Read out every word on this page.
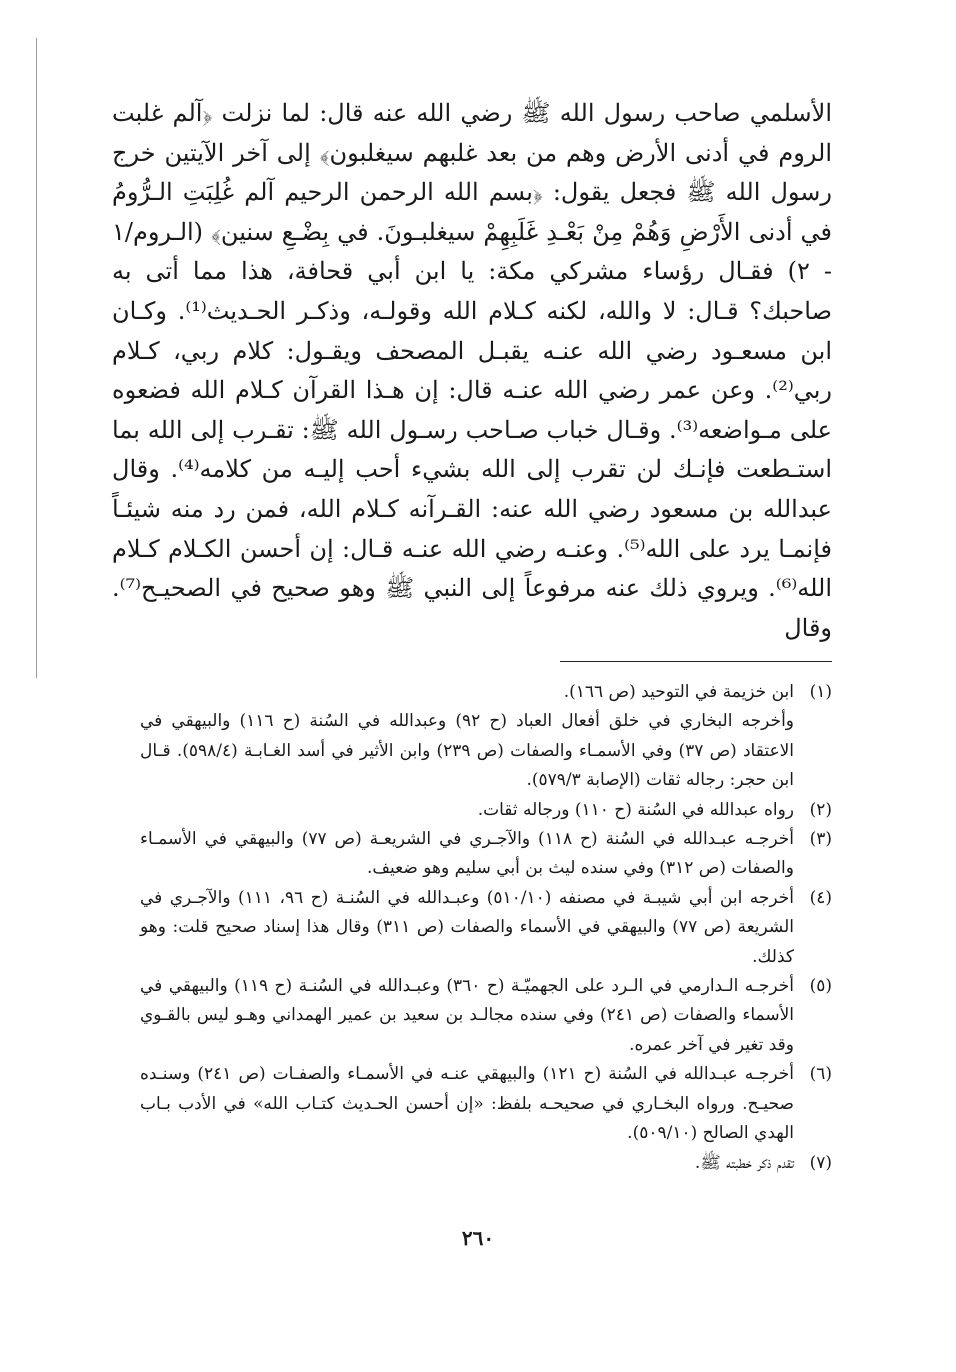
الأسلمي صاحب رسول الله ﷺ رضي الله عنه قال: لما نزلت ﴿آلم غلبت الروم في أدنى الأرض وهم من بعد غلبهم سيغلبون﴾ إلى آخر الآيتين خرج رسول الله ﷺ فجعل يقول: ﴿بسم الله الرحمن الرحيم آلم غُلِبَتِ الـرُّومُ في أدنى الأَرْضِ وَهُمْ مِنْ بَعْـدِ غَلَبِهِمْ سيغلبـونَ. في بِضْـعِ سنين﴾ (الـروم/١ - ٢) فقـال رؤساء مشركي مكة: يا ابن أبي قحافة، هذا مما أتى به صاحبك؟ قـال: لا والله، لكنه كـلام الله وقولـه، وذكـر الحـديث⁽¹⁾. وكـان ابن مسعـود رضي الله عنـه يقبـل المصحف ويقـول: كلام ربي، كـلام ربي⁽²⁾. وعن عمر رضي الله عنـه قال: إن هـذا القرآن كـلام الله فضعوه على مـواضعه⁽³⁾. وقـال خباب صـاحب رسـول الله ﷺ: تقـرب إلى الله بما استـطعت فإنـك لن تقرب إلى الله بشيء أحب إليـه من كلامه⁽⁴⁾. وقال عبدالله بن مسعود رضي الله عنه: القـرآنه كـلام الله، فمن رد منه شيئـاً فإنمـا يرد على الله⁽⁵⁾. وعنـه رضي الله عنـه قـال: إن أحسن الكـلام كـلام الله⁽⁶⁾. ويروي ذلك عنه مرفوعاً إلى النبي ﷺ وهو صحيح في الصحيـح⁽⁷⁾. وقال

(١)
ابن خزيمة في التوحيد (ص ١٦٦).
وأخرجه البخاري في خلق أفعال العباد (ح ٩٢) وعبدالله في السُنة (ح ١١٦) والبيهقي في الاعتقاد (ص ٣٧) وفي الأسمـاء والصفات (ص ٢٣٩) وابن الأثير في أسد الغـابـة (٥٩٨/٤). قـال ابن حجر: رجاله ثقات (الإصابة ٥٧٩/٣).
(٢)
رواه عبدالله في السُنة (ح ١١٠) ورجاله ثقات.
(٣)
أخرجـه عبـدالله في السُنة (ح ١١٨) والآجـري في الشريعـة (ص ٧٧) والبيهقي في الأسمـاء والصفات (ص ٣١٢) وفي سنده ليث بن أبي سليم وهو ضعيف.
(٤)
أخرجه ابن أبي شيبـة في مصنفه (٥١٠/١٠) وعبـدالله في السُنـة (ح ٩٦، ١١١) والآجـري في الشريعة (ص ٧٧) والبيهقي في الأسماء والصفات (ص ٣١١) وقال هذا إسناد صحيح قلت: وهو كذلك.
(٥)
أخرجـه الـدارمي في الـرد على الجهميّـة (ح ٣٦٠) وعبـدالله في السُنـة (ح ١١٩) والبيهقي في الأسماء والصفات (ص ٢٤١) وفي سنده مجالـد بن سعيد بن عمير الهمداني وهـو ليس بالقـوي وقد تغير في آخر عمره.
(٦)
أخرجـه عبـدالله في السُنة (ح ١٢١) والبيهقي عنـه في الأسمـاء والصفـات (ص ٢٤١) وسنـده صحيـح. ورواه البخـاري في صحيحـه بلفظ: «إن أحسن الحـديث كتـاب الله» في الأدب بـاب الهدي الصالح (٥٠٩/١٠).
(٧)
تقدم ذكر خطبته ﷺ.
٢٦٠
